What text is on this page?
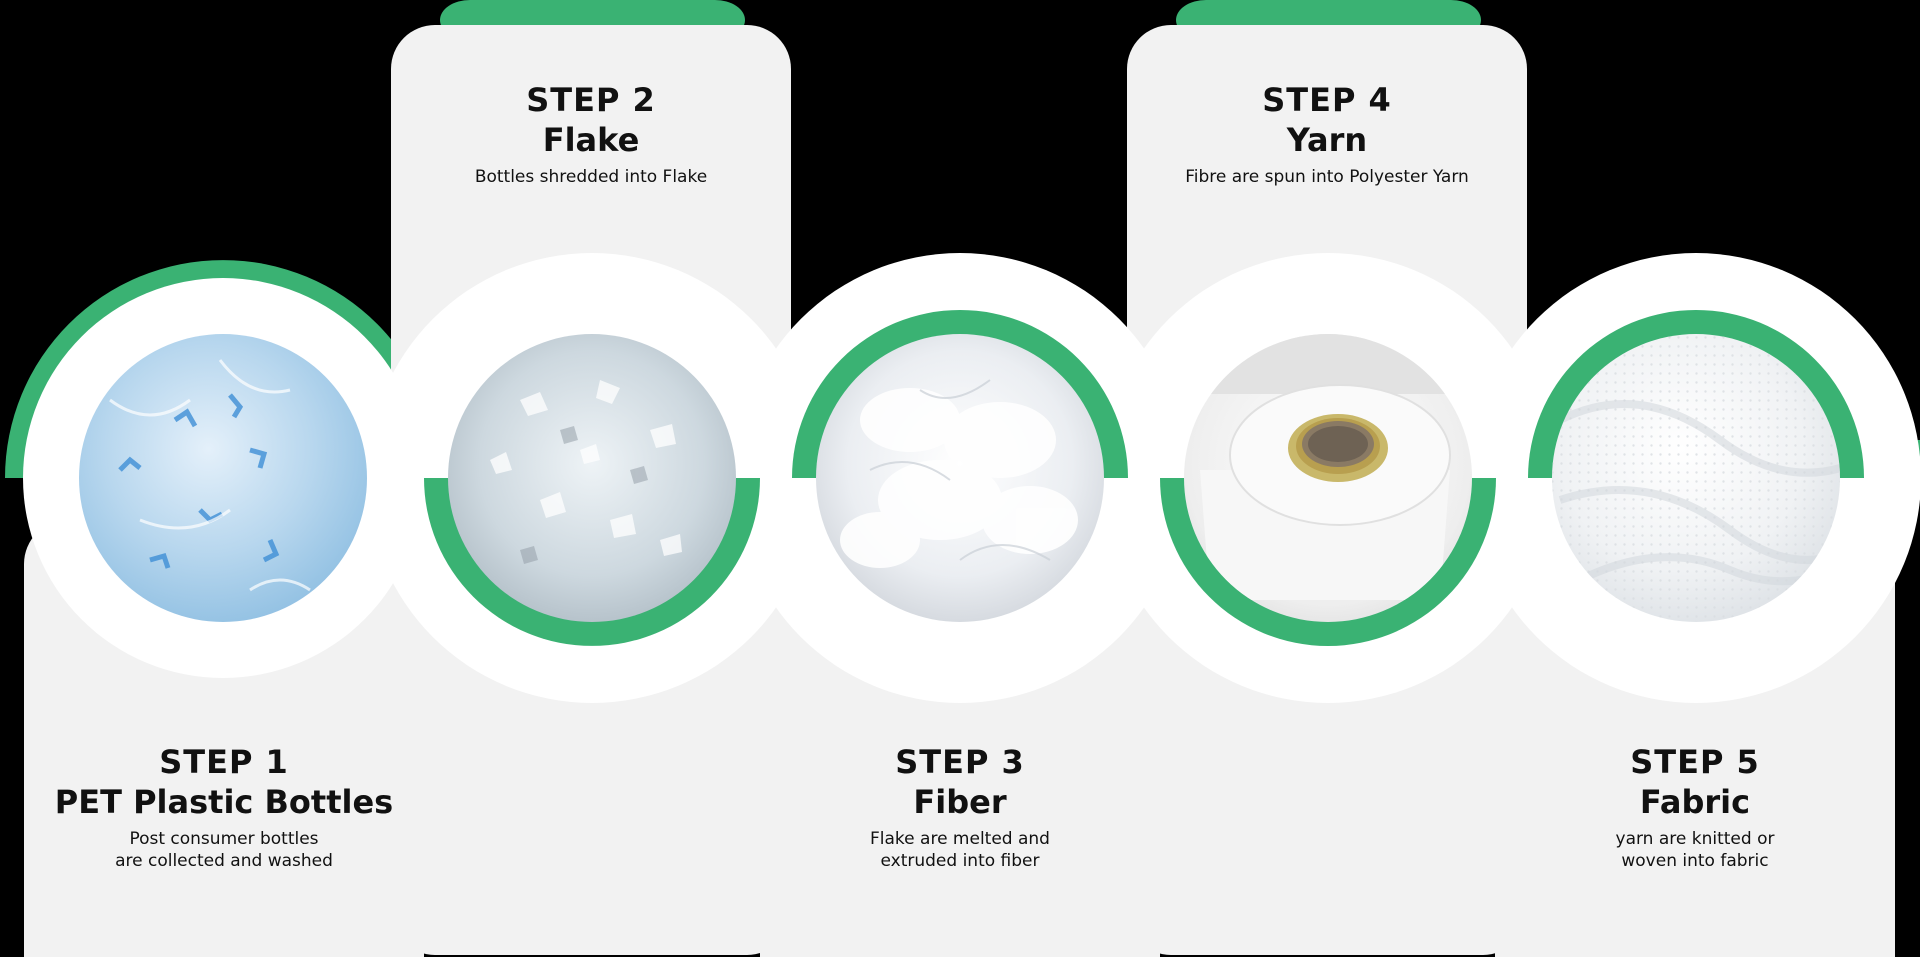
STEP 1
PET Plastic Bottles
Post consumer bottles
are collected and washed
STEP 2
Flake
Bottles shredded into Flake
STEP 3
Fiber
Flake are melted and
extruded into fiber
STEP 4
Yarn
Fibre are spun into Polyester Yarn
STEP 5
Fabric
yarn are knitted or
woven into fabric
